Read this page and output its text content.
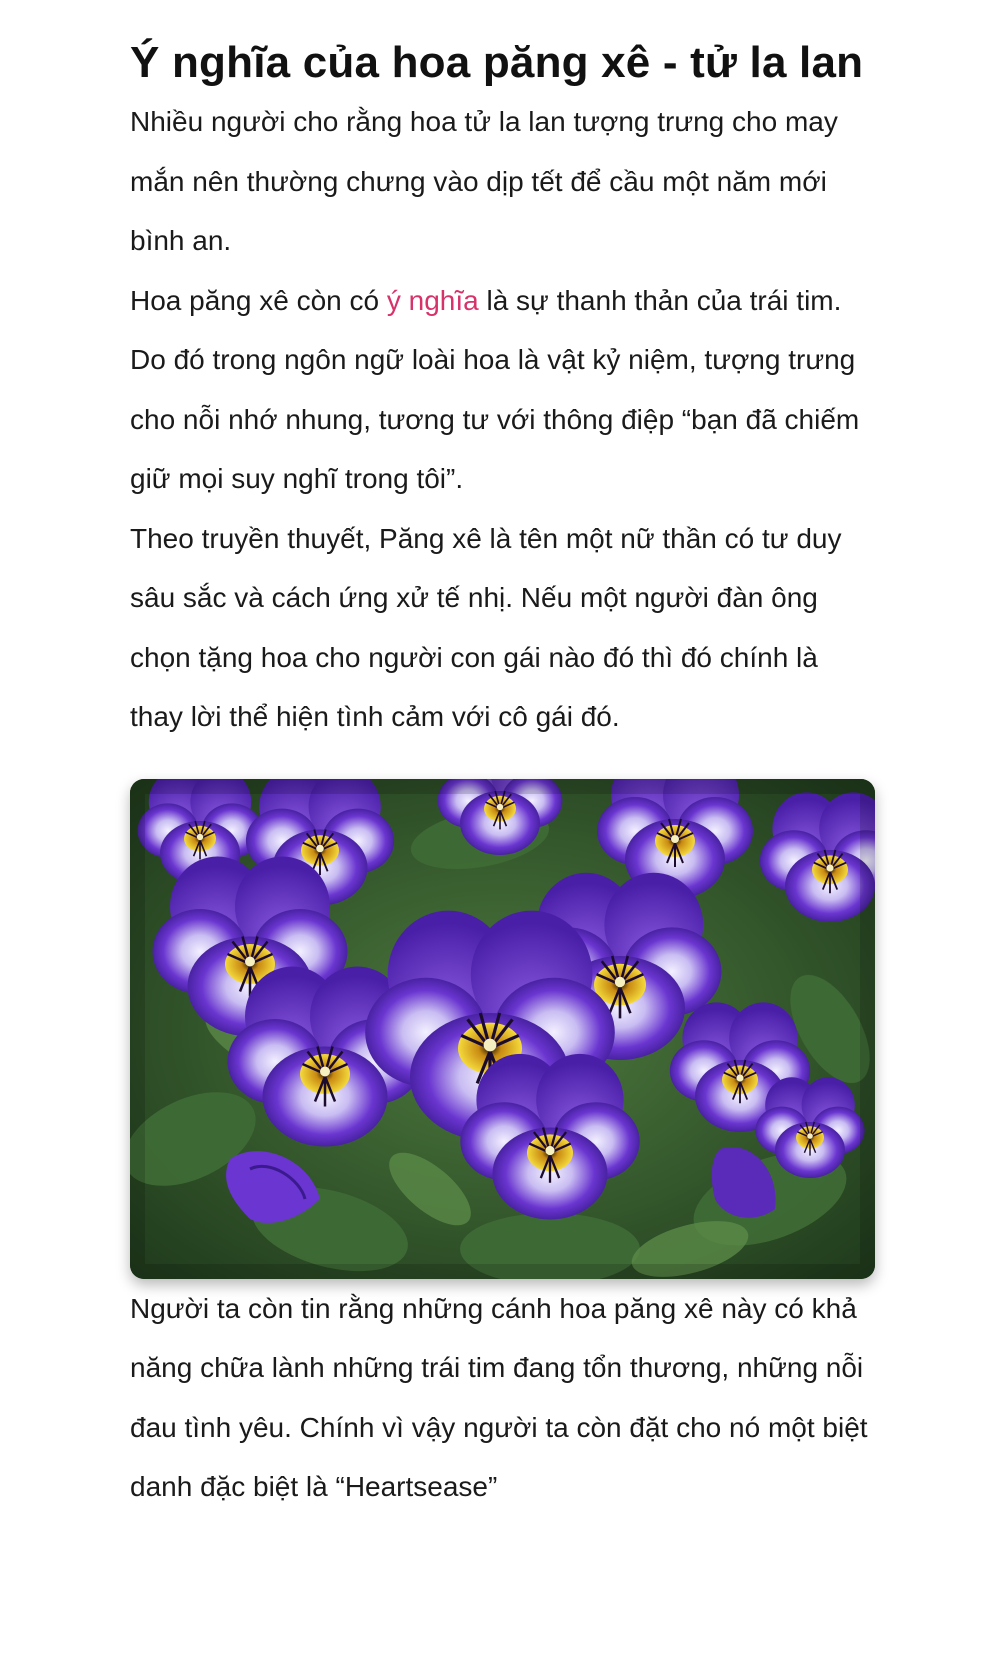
Ý nghĩa của hoa păng xê - tử la lan

Nhiều người cho rằng hoa tử la lan tượng trưng cho may mắn nên thường chưng vào dịp tết để cầu một năm mới bình an.

Hoa păng xê còn có ý nghĩa là sự thanh thản của trái tim. Do đó trong ngôn ngữ loài hoa là vật kỷ niệm, tượng trưng cho nỗi nhớ nhung, tương tư với thông điệp “bạn đã chiếm giữ mọi suy nghĩ trong tôi”.

Theo truyền thuyết, Păng xê là tên một nữ thần có tư duy sâu sắc và cách ứng xử tế nhị. Nếu một người đàn ông chọn tặng hoa cho người con gái nào đó thì đó chính là thay lời thể hiện tình cảm với cô gái đó.

Người ta còn tin rằng những cánh hoa păng xê này có khả năng chữa lành những trái tim đang tổn thương, những nỗi đau tình yêu. Chính vì vậy người ta còn đặt cho nó một biệt danh đặc biệt là “Heartsease”
